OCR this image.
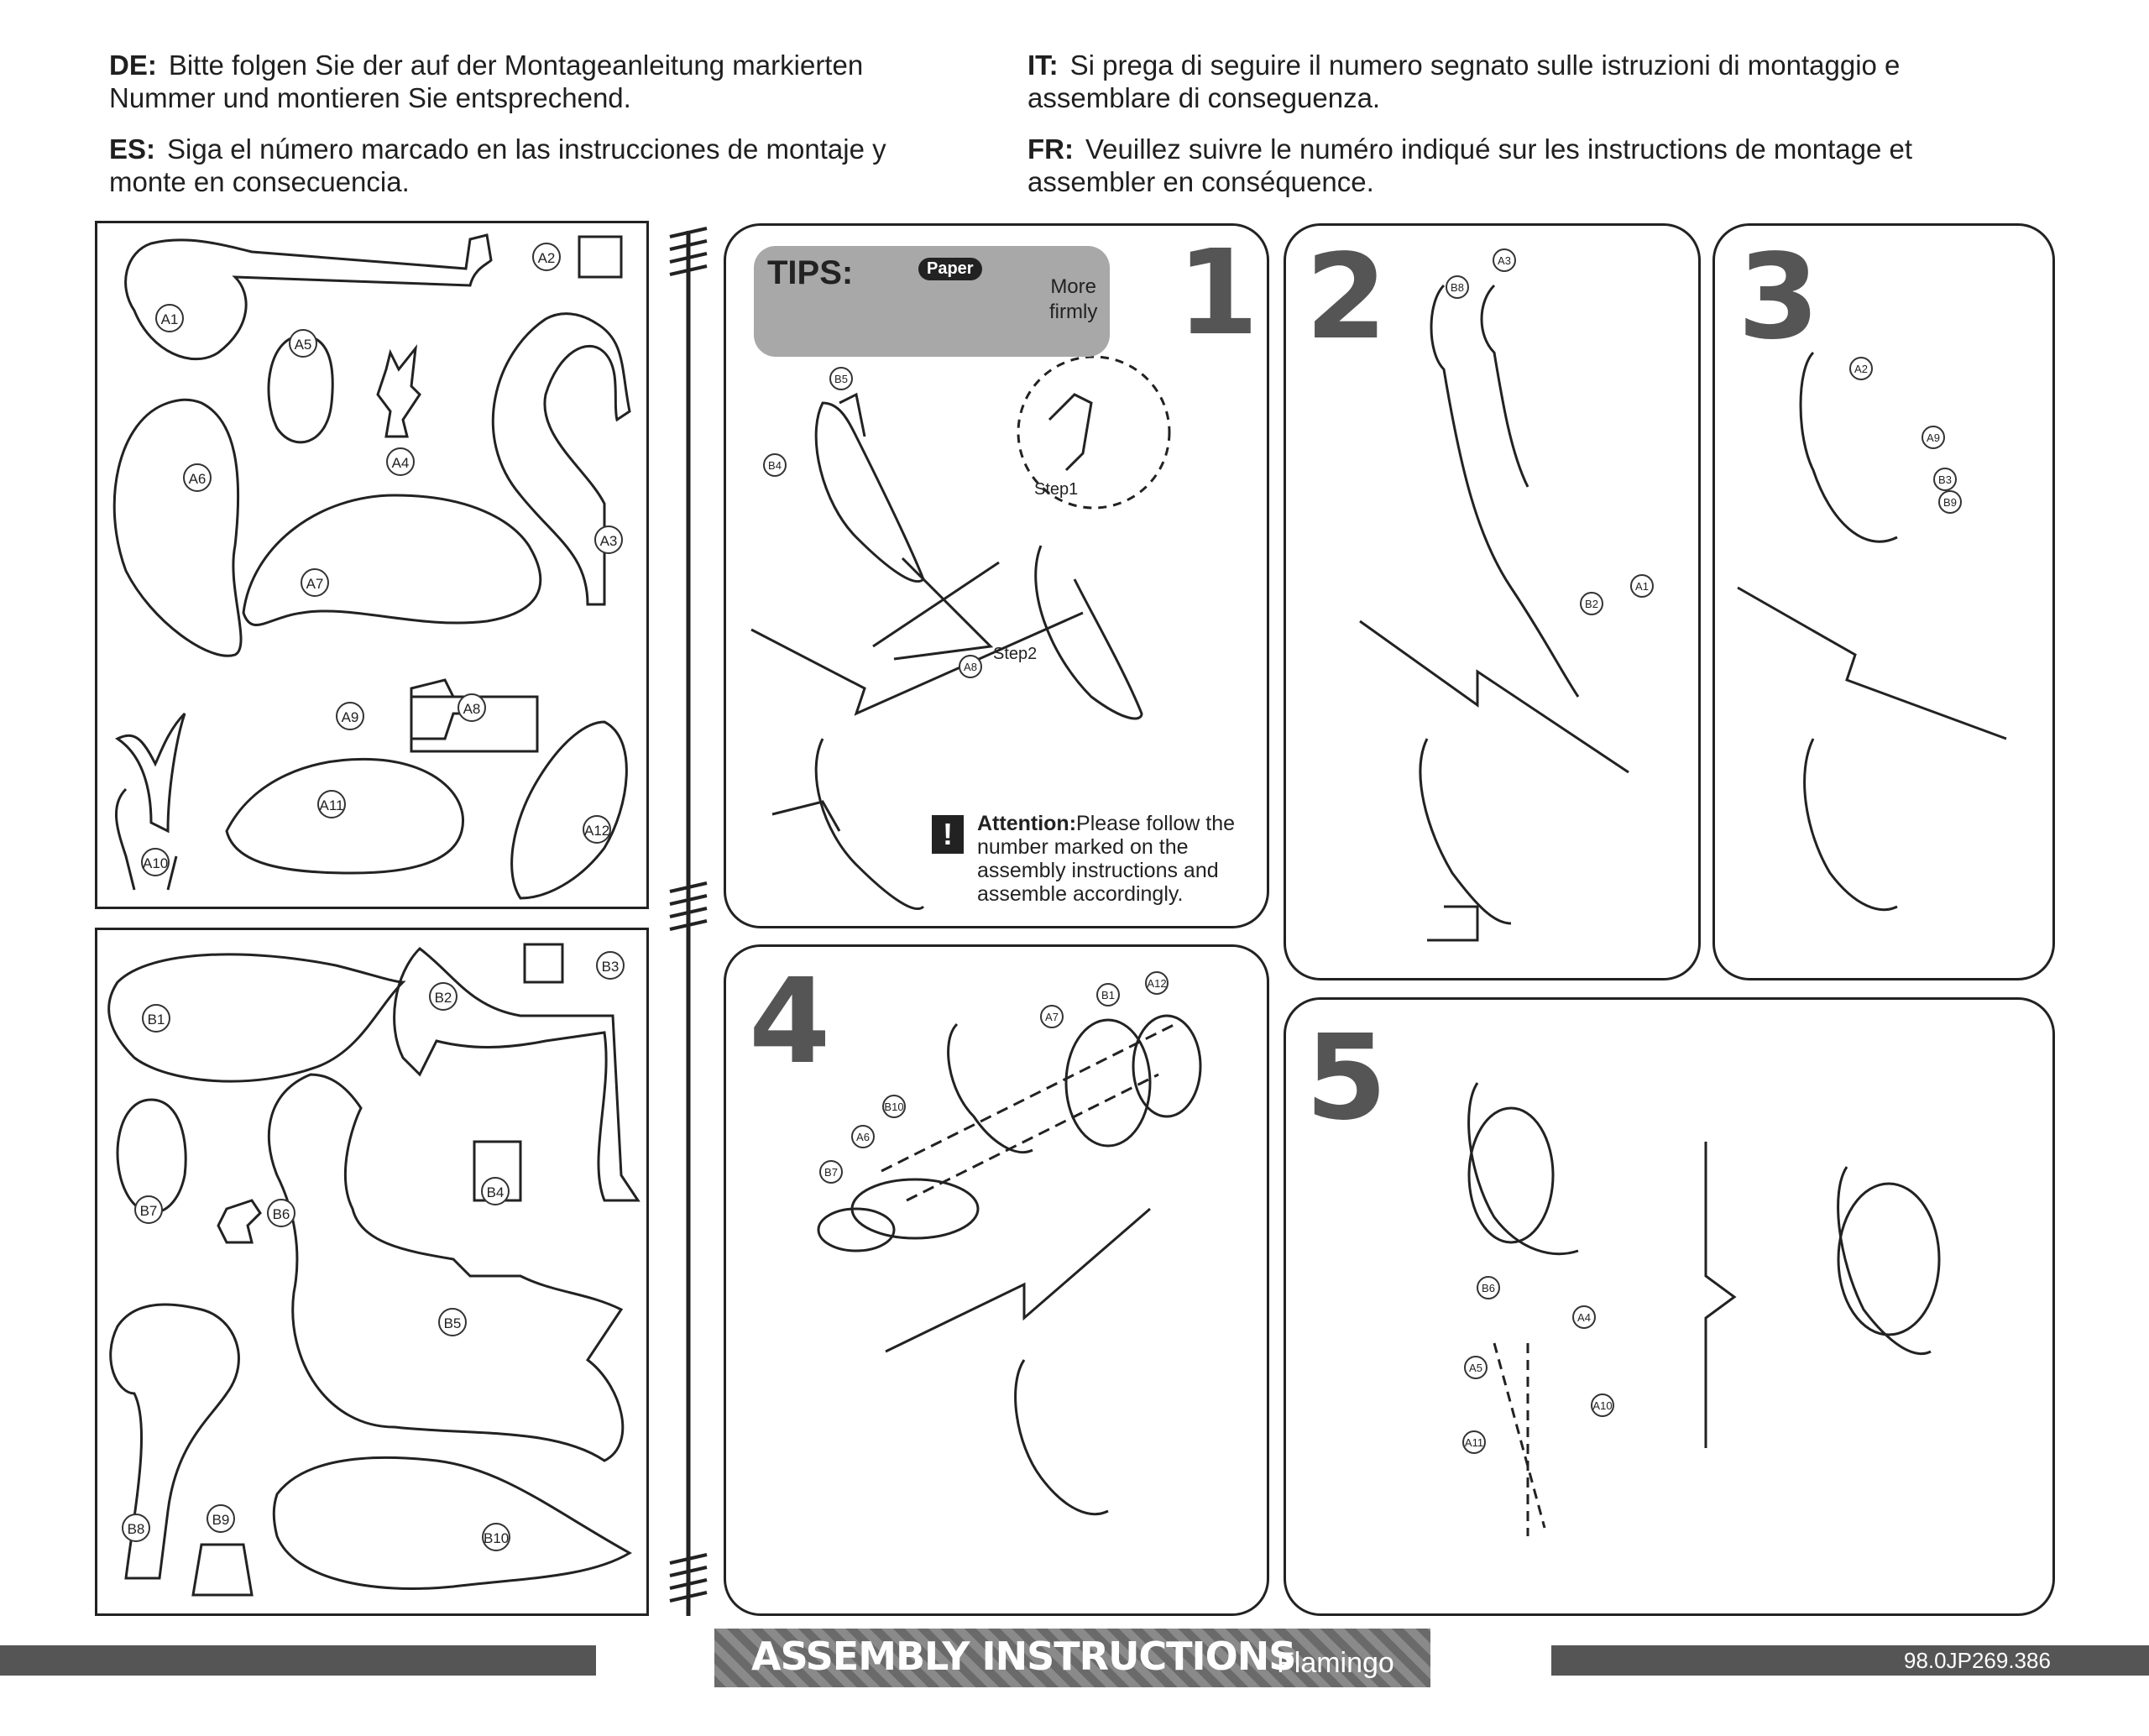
DE: Bitte folgen Sie der auf der Montageanleitung markierten
Nummer und montieren Sie entsprechend.
IT: Si prega di seguire il numero segnato sulle istruzioni di montaggio e
assemblare di conseguenza.
ES: Siga el número marcado en las instrucciones de montaje y
monte en consecuencia.
FR: Veuillez suivre le numéro indiqué sur les instructions de montage et
assembler en conséquence.
A1
A2
A3
A4
A5
A6
A7
A8
A9
A10
A11
A12
B1
B2
B3
B4
B5
B6
B7
B8
B9
B10
TIPS:	Paper
More
firmly 1 2	3
4	5
B5
B4
A8
Step1
Step2
B8
A3
B2
A1
A2
A9
B3
B9
A7
B1
A12
B10
A6
B7
B6
A4
A5
A10
A11
!	Attention:Please follow the number marked on the assembly instructions and assemble accordingly.
ASSEMBLY INSTRUCTIONS
Flamingo	98.0JP269.386
